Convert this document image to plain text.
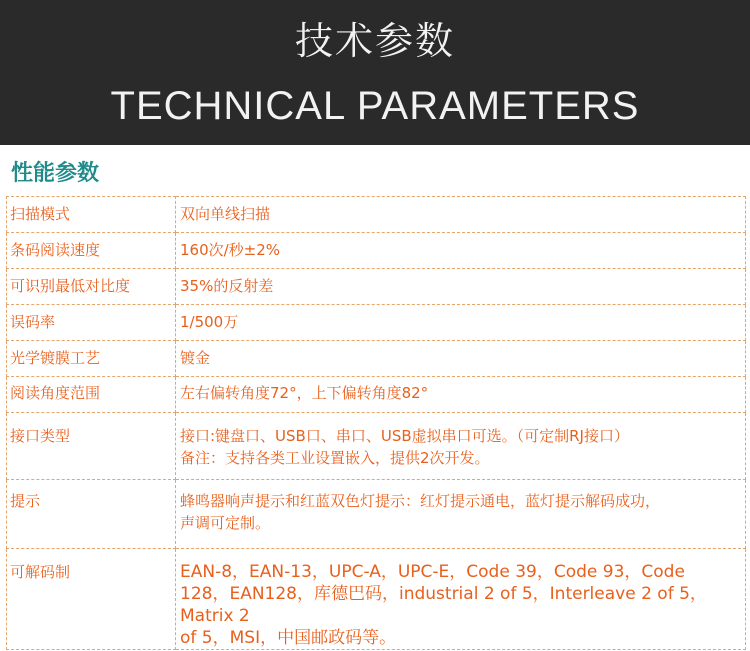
技术参数
TECHNICAL PARAMETERS
性能参数
扫描模式	双向单线扫描

条码阅读速度	160次/秒±2%

可识别最低对比度	35%的反射差

误码率	1/500万

光学镀膜工艺	镀金

阅读角度范围	左右偏转角度72°，上下偏转角度82°

接口类型	接口:键盘口、USB口、串口、USB虚拟串口可选。（可定制RJ接口）
备注：支持各类工业设置嵌入，提供2次开发。

提示	蜂鸣器响声提示和红蓝双色灯提示：红灯提示通电，蓝灯提示解码成功，
声调可定制。

可解码制	EAN-8，EAN-13，UPC-A，UPC-E，Code 39，Code 93，Code
128，EAN128，库德巴码，industrial 2 of 5，Interleave 2 of 5，Matrix 2
of 5，MSI，中国邮政码等。
